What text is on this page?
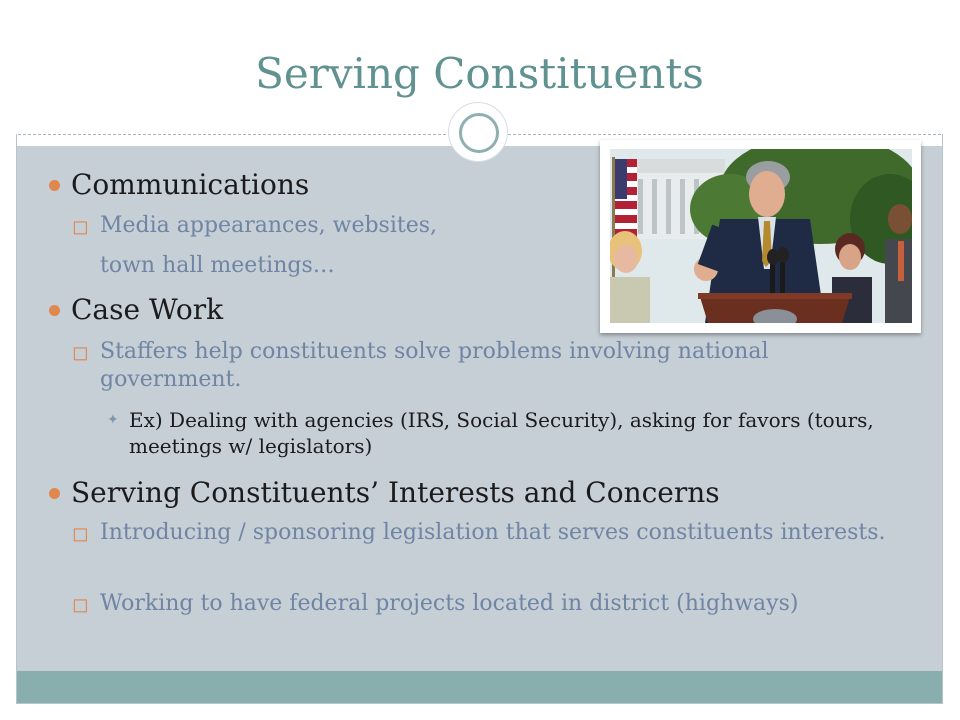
Serving Constituents
Communications
◻ Media appearances, websites,
town hall meetings…
Case Work
◻ Staffers help constituents solve problems involving national government.
✦ Ex) Dealing with agencies (IRS, Social Security), asking for favors (tours, meetings w/ legislators)
Serving Constituents’ Interests and Concerns
◻ Introducing / sponsoring legislation that serves constituents interests.
◻ Working to have federal projects located in district (highways)
